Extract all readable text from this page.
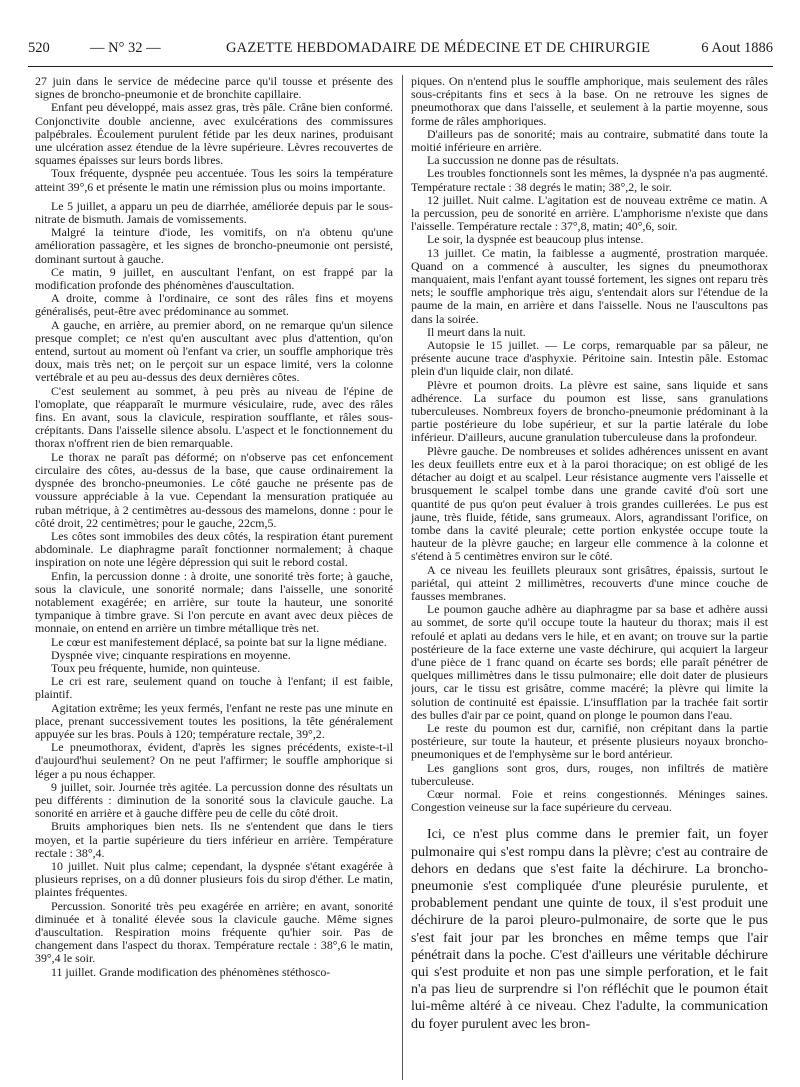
520	— N° 32 —	GAZETTE HEBDOMADAIRE DE MÉDECINE ET DE CHIRURGIE	6 Aout 1886

27 juin dans le service de médecine parce qu'il tousse et présente des signes de broncho-pneumonie et de bronchite capillaire.

Enfant peu développé, mais assez gras, très pâle. Crâne bien conformé. Conjonctivite double ancienne, avec exulcérations des commissures palpébrales. Écoulement purulent fétide par les deux narines, produisant une ulcération assez étendue de la lèvre supérieure. Lèvres recouvertes de squames épaisses sur leurs bords libres.

Toux fréquente, dyspnée peu accentuée. Tous les soirs la température atteint 39°,6 et présente le matin une rémission plus ou moins importante.

Le 5 juillet, a apparu un peu de diarrhée, améliorée depuis par le sous-nitrate de bismuth. Jamais de vomissements.

Malgré la teinture d'iode, les vomitifs, on n'a obtenu qu'une amélioration passagère, et les signes de broncho-pneumonie ont persisté, dominant surtout à gauche.

Ce matin, 9 juillet, en auscultant l'enfant, on est frappé par la modification profonde des phénomènes d'auscultation.

A droite, comme à l'ordinaire, ce sont des râles fins et moyens généralisés, peut-être avec prédominance au sommet.

A gauche, en arrière, au premier abord, on ne remarque qu'un silence presque complet; ce n'est qu'en auscultant avec plus d'attention, qu'on entend, surtout au moment où l'enfant va crier, un souffle amphorique très doux, mais très net; on le perçoit sur un espace limité, vers la colonne vertébrale et au peu au-dessus des deux dernières côtes.

C'est seulement au sommet, à peu près au niveau de l'épine de l'omoplate, que réapparaît le murmure vésiculaire, rude, avec des râles fins. En avant, sous la clavicule, respiration soufflante, et râles sous-crépitants. Dans l'aisselle silence absolu. L'aspect et le fonctionnement du thorax n'offrent rien de bien remarquable.

Le thorax ne paraît pas déformé; on n'observe pas cet enfoncement circulaire des côtes, au-dessus de la base, que cause ordinairement la dyspnée des broncho-pneumonies. Le côté gauche ne présente pas de voussure appréciable à la vue. Cependant la mensuration pratiquée au ruban métrique, à 2 centimètres au-dessous des mamelons, donne : pour le côté droit, 22 centimètres; pour le gauche, 22cm,5.

Les côtes sont immobiles des deux côtés, la respiration étant purement abdominale. Le diaphragme paraît fonctionner normalement; à chaque inspiration on note une légère dépression qui suit le rebord costal.

Enfin, la percussion donne : à droite, une sonorité très forte; à gauche, sous la clavicule, une sonorité normale; dans l'aisselle, une sonorité notablement exagérée; en arrière, sur toute la hauteur, une sonorité tympanique à timbre grave. Si l'on percute en avant avec deux pièces de monnaie, on entend en arrière un timbre métallique très net.

Le cœur est manifestement déplacé, sa pointe bat sur la ligne médiane.

Dyspnée vive; cinquante respirations en moyenne.

Toux peu fréquente, humide, non quinteuse.

Le cri est rare, seulement quand on touche à l'enfant; il est faible, plaintif.

Agitation extrême; les yeux fermés, l'enfant ne reste pas une minute en place, prenant successivement toutes les positions, la tête généralement appuyée sur les bras. Pouls à 120; température rectale, 39°,2.

Le pneumothorax, évident, d'après les signes précédents, existe-t-il d'aujourd'hui seulement? On ne peut l'affirmer; le souffle amphorique si léger a pu nous échapper.

9 juillet, soir. Journée très agitée. La percussion donne des résultats un peu différents : diminution de la sonorité sous la clavicule gauche. La sonorité en arrière et à gauche diffère peu de celle du côté droit.

Bruits amphoriques bien nets. Ils ne s'entendent que dans le tiers moyen, et la partie supérieure du tiers inférieur en arrière. Température rectale : 38°,4.

10 juillet. Nuit plus calme; cependant, la dyspnée s'étant exagérée à plusieurs reprises, on a dû donner plusieurs fois du sirop d'éther. Le matin, plaintes fréquentes.

Percussion. Sonorité très peu exagérée en arrière; en avant, sonorité diminuée et à tonalité élevée sous la clavicule gauche. Même signes d'auscultation. Respiration moins fréquente qu'hier soir. Pas de changement dans l'aspect du thorax. Température rectale : 38°,6 le matin, 39°,4 le soir.

11 juillet. Grande modification des phénomènes stéthosco-

piques. On n'entend plus le souffle amphorique, mais seulement des râles sous-crépitants fins et secs à la base. On ne retrouve les signes de pneumothorax que dans l'aisselle, et seulement à la partie moyenne, sous forme de râles amphoriques.

D'ailleurs pas de sonorité; mais au contraire, submatité dans toute la moitié inférieure en arrière.

La succussion ne donne pas de résultats.

Les troubles fonctionnels sont les mêmes, la dyspnée n'a pas augmenté. Température rectale : 38 degrés le matin; 38°,2, le soir.

12 juillet. Nuit calme. L'agitation est de nouveau extrême ce matin. A la percussion, peu de sonorité en arrière. L'amphorisme n'existe que dans l'aisselle. Température rectale : 37°,8, matin; 40°,6, soir.

Le soir, la dyspnée est beaucoup plus intense.

13 juillet. Ce matin, la faiblesse a augmenté, prostration marquée. Quand on a commencé à ausculter, les signes du pneumothorax manquaient, mais l'enfant ayant toussé fortement, les signes ont reparu très nets; le souffle amphorique très aigu, s'entendait alors sur l'étendue de la paume de la main, en arrière et dans l'aisselle. Nous ne l'auscultons pas dans la soirée.

Il meurt dans la nuit.

Autopsie le 15 juillet. — Le corps, remarquable par sa pâleur, ne présente aucune trace d'asphyxie. Péritoine sain. Intestin pâle. Estomac plein d'un liquide clair, non dilaté.

Plèvre et poumon droits. La plèvre est saine, sans liquide et sans adhérence. La surface du poumon est lisse, sans granulations tuberculeuses. Nombreux foyers de broncho-pneumonie prédominant à la partie postérieure du lobe supérieur, et sur la partie latérale du lobe inférieur. D'ailleurs, aucune granulation tuberculeuse dans la profondeur.

Plèvre gauche. De nombreuses et solides adhérences unissent en avant les deux feuillets entre eux et à la paroi thoracique; on est obligé de les détacher au doigt et au scalpel. Leur résistance augmente vers l'aisselle et brusquement le scalpel tombe dans une grande cavité d'où sort une quantité de pus qu'on peut évaluer à trois grandes cuillerées. Le pus est jaune, très fluide, fétide, sans grumeaux. Alors, agrandissant l'orifice, on tombe dans la cavité pleurale; cette portion enkystée occupe toute la hauteur de la plèvre gauche; en largeur elle commence à la colonne et s'étend à 5 centimètres environ sur le côté.

A ce niveau les feuillets pleuraux sont grisâtres, épaissis, surtout le pariétal, qui atteint 2 millimètres, recouverts d'une mince couche de fausses membranes.

Le poumon gauche adhère au diaphragme par sa base et adhère aussi au sommet, de sorte qu'il occupe toute la hauteur du thorax; mais il est refoulé et aplati au dedans vers le hile, et en avant; on trouve sur la partie postérieure de la face externe une vaste déchirure, qui acquiert la largeur d'une pièce de 1 franc quand on écarte ses bords; elle paraît pénétrer de quelques millimètres dans le tissu pulmonaire; elle doit dater de plusieurs jours, car le tissu est grisâtre, comme macéré; la plèvre qui limite la solution de continuité est épaissie. L'insufflation par la trachée fait sortir des bulles d'air par ce point, quand on plonge le poumon dans l'eau.

Le reste du poumon est dur, carnifié, non crépitant dans la partie postérieure, sur toute la hauteur, et présente plusieurs noyaux broncho-pneumoniques et de l'emphysème sur le bord antérieur.

Les ganglions sont gros, durs, rouges, non infiltrés de matière tuberculeuse.

Cœur normal. Foie et reins congestionnés. Méninges saines. Congestion veineuse sur la face supérieure du cerveau.

Ici, ce n'est plus comme dans le premier fait, un foyer pulmonaire qui s'est rompu dans la plèvre; c'est au contraire de dehors en dedans que s'est faite la déchirure. La broncho-pneumonie s'est compliquée d'une pleurésie purulente, et probablement pendant une quinte de toux, il s'est produit une déchirure de la paroi pleuro-pulmonaire, de sorte que le pus s'est fait jour par les bronches en même temps que l'air pénétrait dans la poche. C'est d'ailleurs une véritable déchirure qui s'est produite et non pas une simple perforation, et le fait n'a pas lieu de surprendre si l'on réfléchit que le poumon était lui-même altéré à ce niveau. Chez l'adulte, la communication du foyer purulent avec les bron-
